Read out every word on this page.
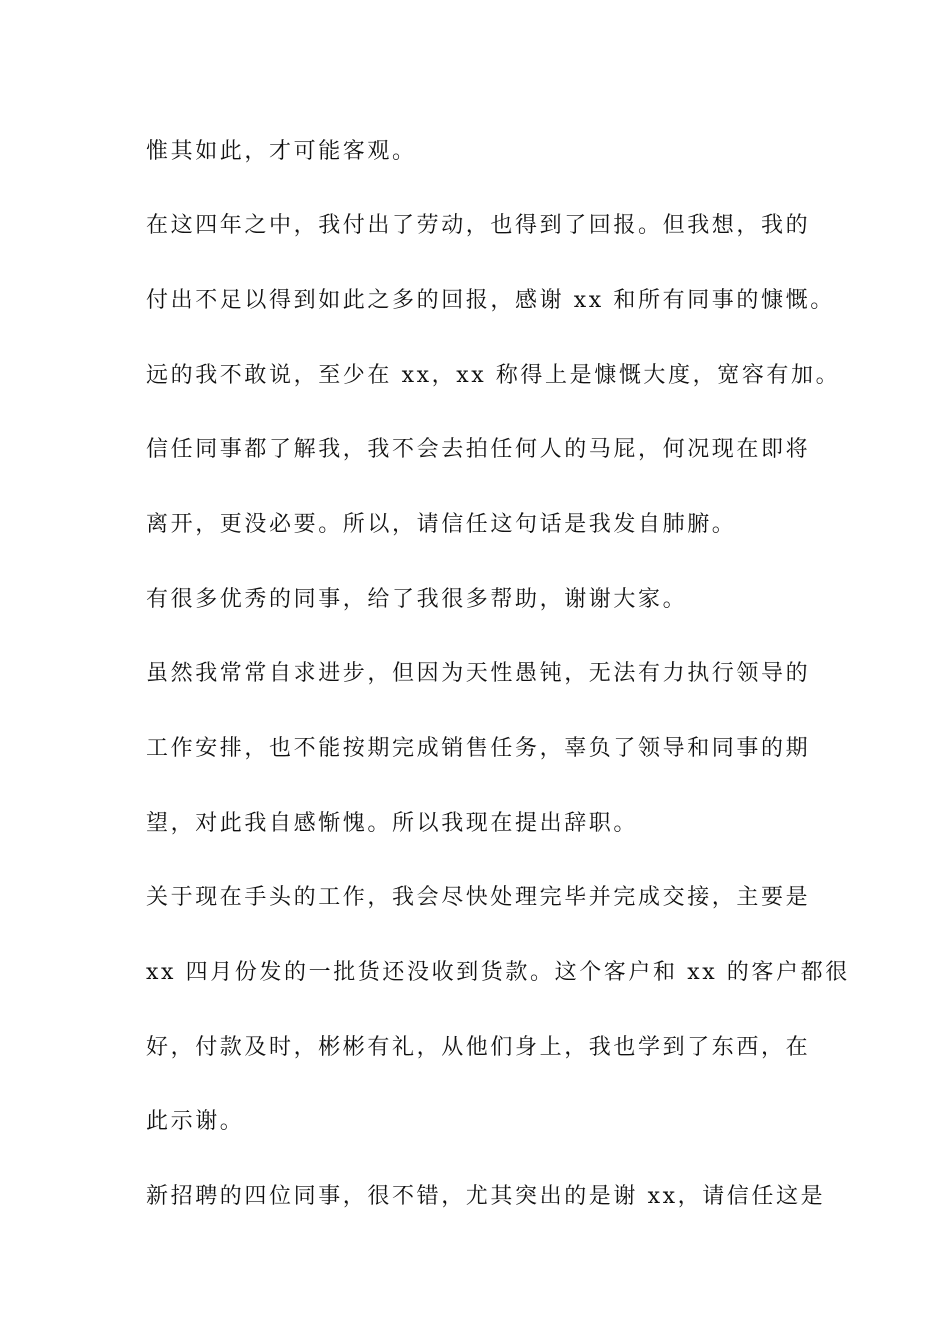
惟其如此，才可能客观。
在这四年之中，我付出了劳动，也得到了回报。但我想，我的
付出不足以得到如此之多的回报，感谢 xx 和所有同事的慷慨。
远的我不敢说，至少在 xx，xx 称得上是慷慨大度，宽容有加。
信任同事都了解我，我不会去拍任何人的马屁，何况现在即将
离开，更没必要。所以，请信任这句话是我发自肺腑。
有很多优秀的同事，给了我很多帮助，谢谢大家。
虽然我常常自求进步，但因为天性愚钝，无法有力执行领导的
工作安排，也不能按期完成销售任务，辜负了领导和同事的期
望，对此我自感惭愧。所以我现在提出辞职。
关于现在手头的工作，我会尽快处理完毕并完成交接，主要是
xx 四月份发的一批货还没收到货款。这个客户和 xx 的客户都很
好，付款及时，彬彬有礼，从他们身上，我也学到了东西，在
此示谢。
新招聘的四位同事，很不错，尤其突出的是谢 xx，请信任这是
